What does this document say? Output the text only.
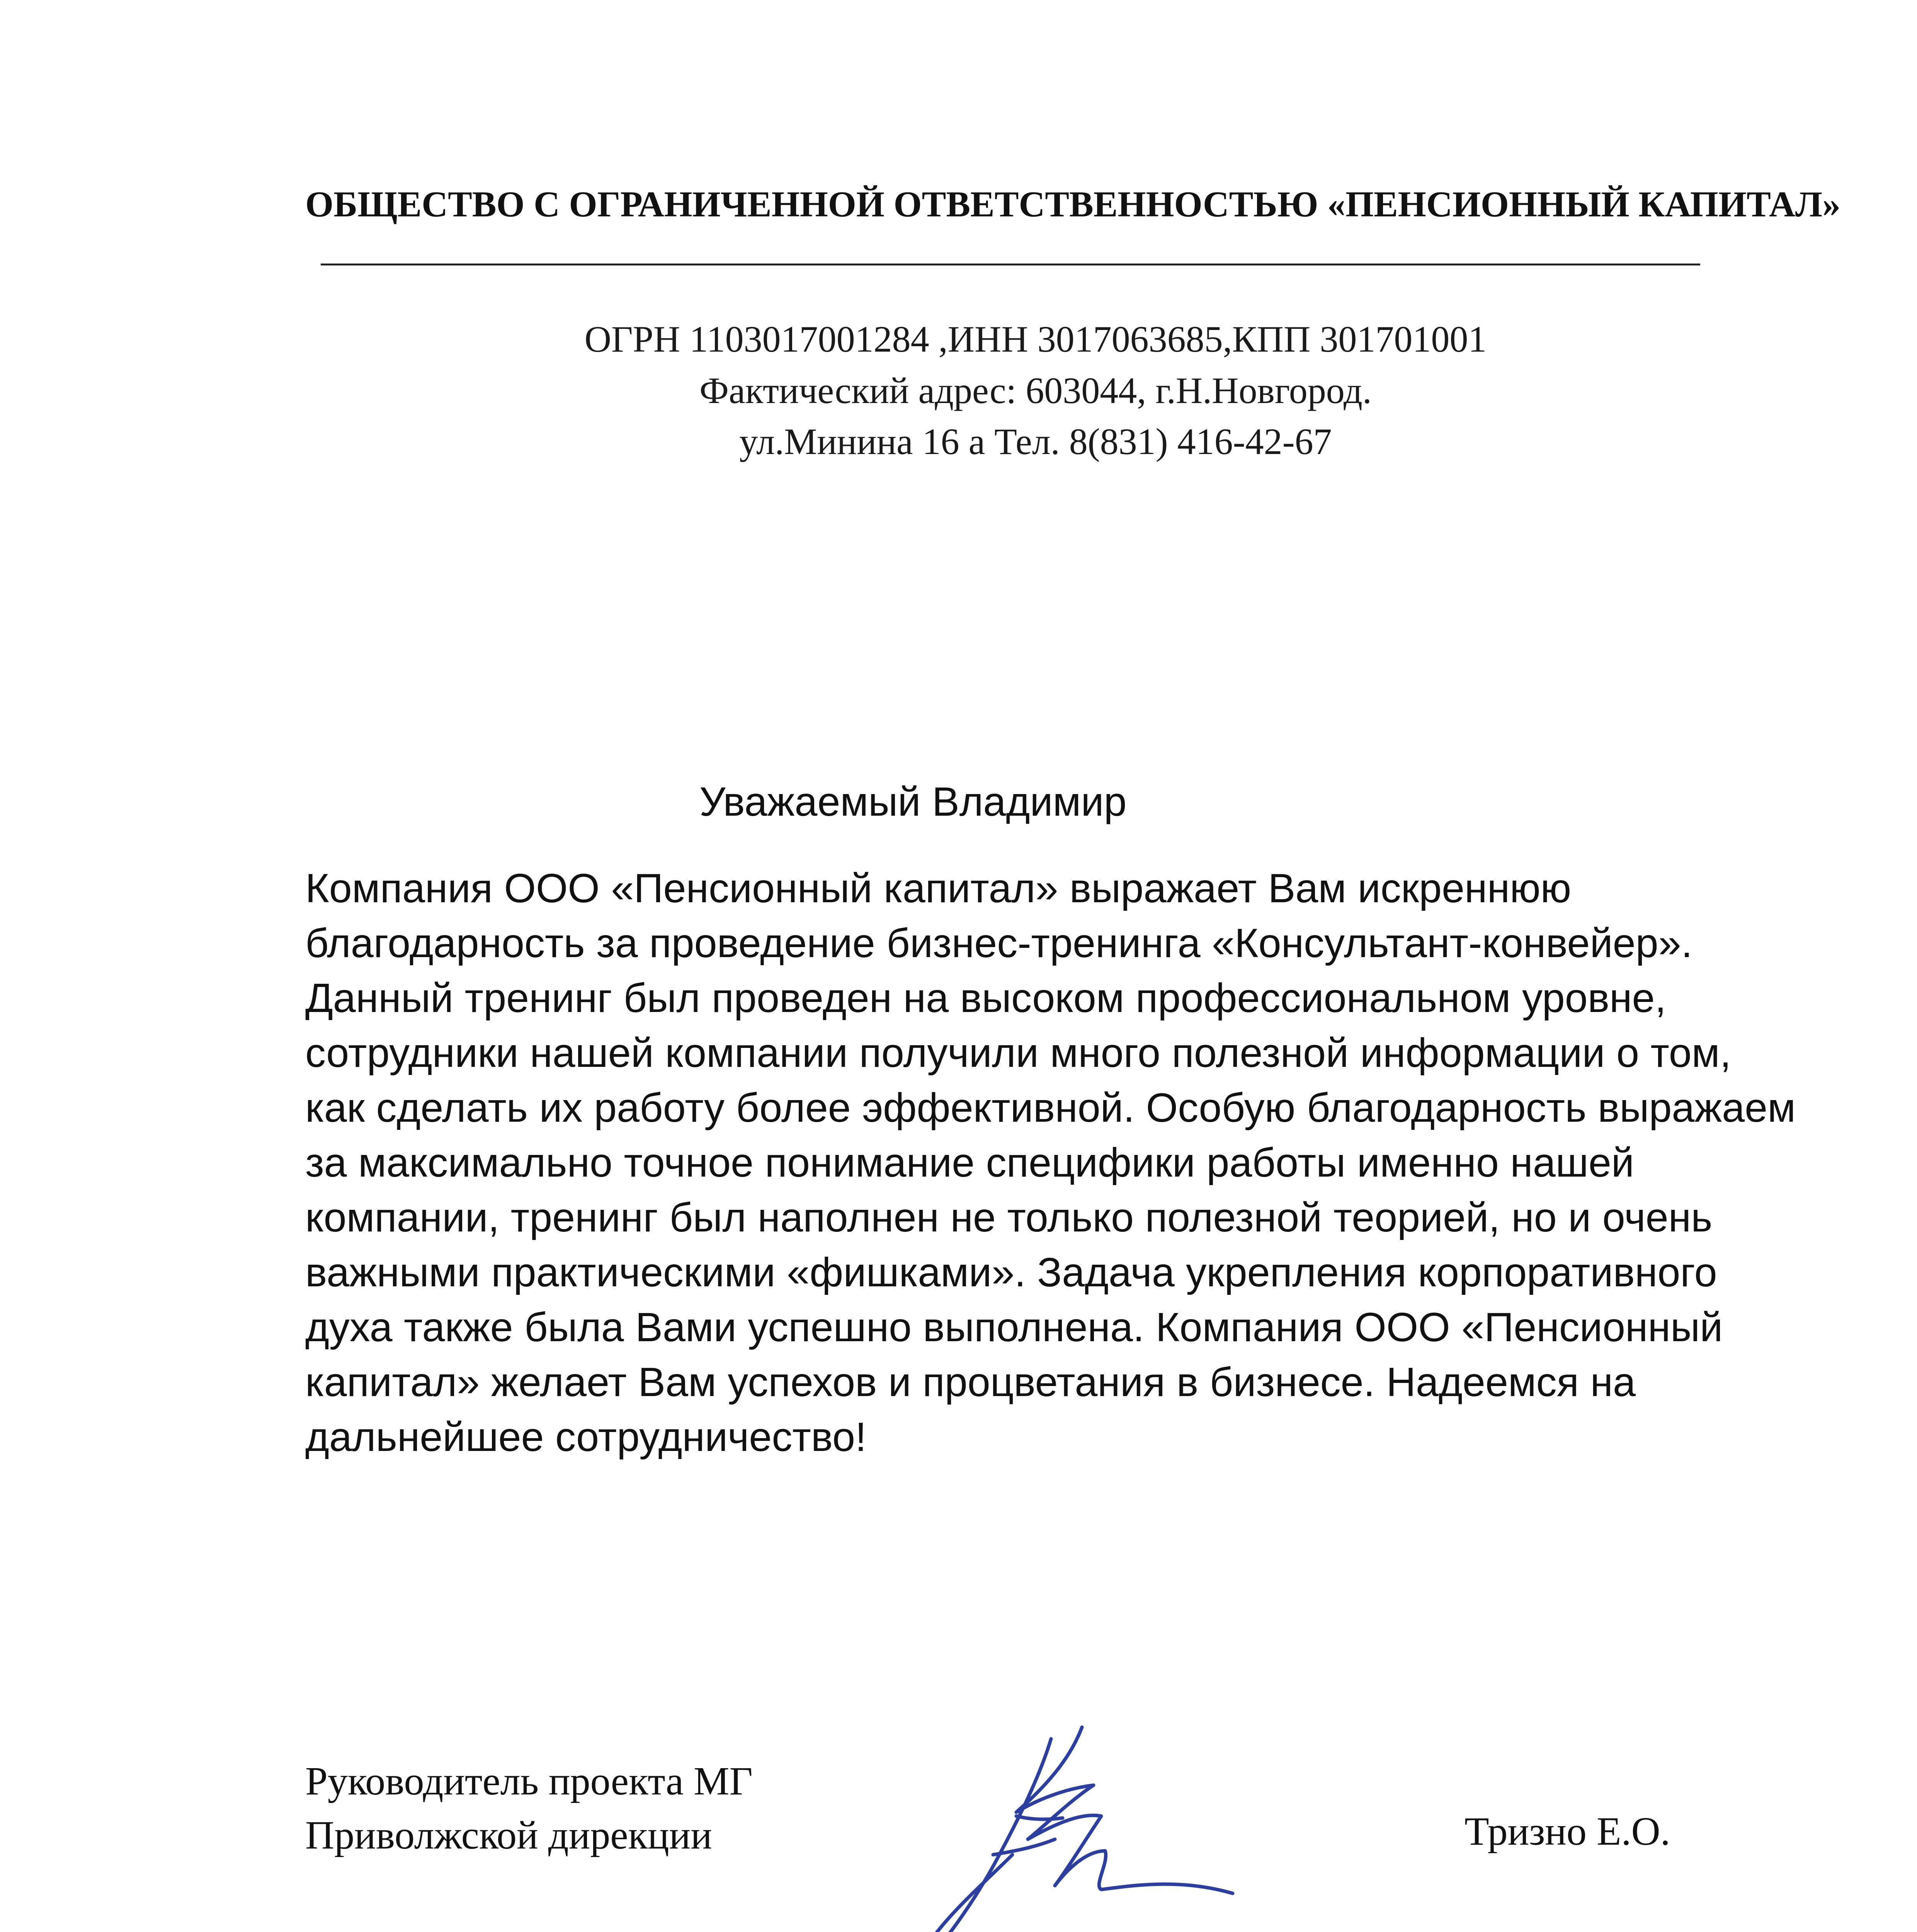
ОБЩЕСТВО С ОГРАНИЧЕННОЙ ОТВЕТСТВЕННОСТЬЮ «ПЕНСИОННЫЙ КАПИТАЛ»
ОГРН 1103017001284 ,ИНН 3017063685,КПП 301701001
Фактический адрес: 603044, г.Н.Новгород.
ул.Минина 16 а Тел. 8(831) 416-42-67
Уважаемый Владимир
Компания ООО «Пенсионный капитал» выражает Вам искреннюю
благодарность за проведение бизнес-тренинга «Консультант-конвейер».
Данный тренинг был проведен на высоком профессиональном уровне,
сотрудники нашей компании получили много полезной информации о том,
как сделать их работу более эффективной. Особую благодарность выражаем
за максимально точное понимание специфики работы именно нашей
компании, тренинг был наполнен не только полезной теорией, но и очень
важными практическими «фишками». Задача укрепления корпоративного
духа также была Вами успешно выполнена. Компания ООО «Пенсионный
капитал» желает Вам успехов и процветания в бизнесе. Надеемся на
дальнейшее сотрудничество!
Руководитель проекта МГ
Приволжской дирекции	Тризно Е.О.
